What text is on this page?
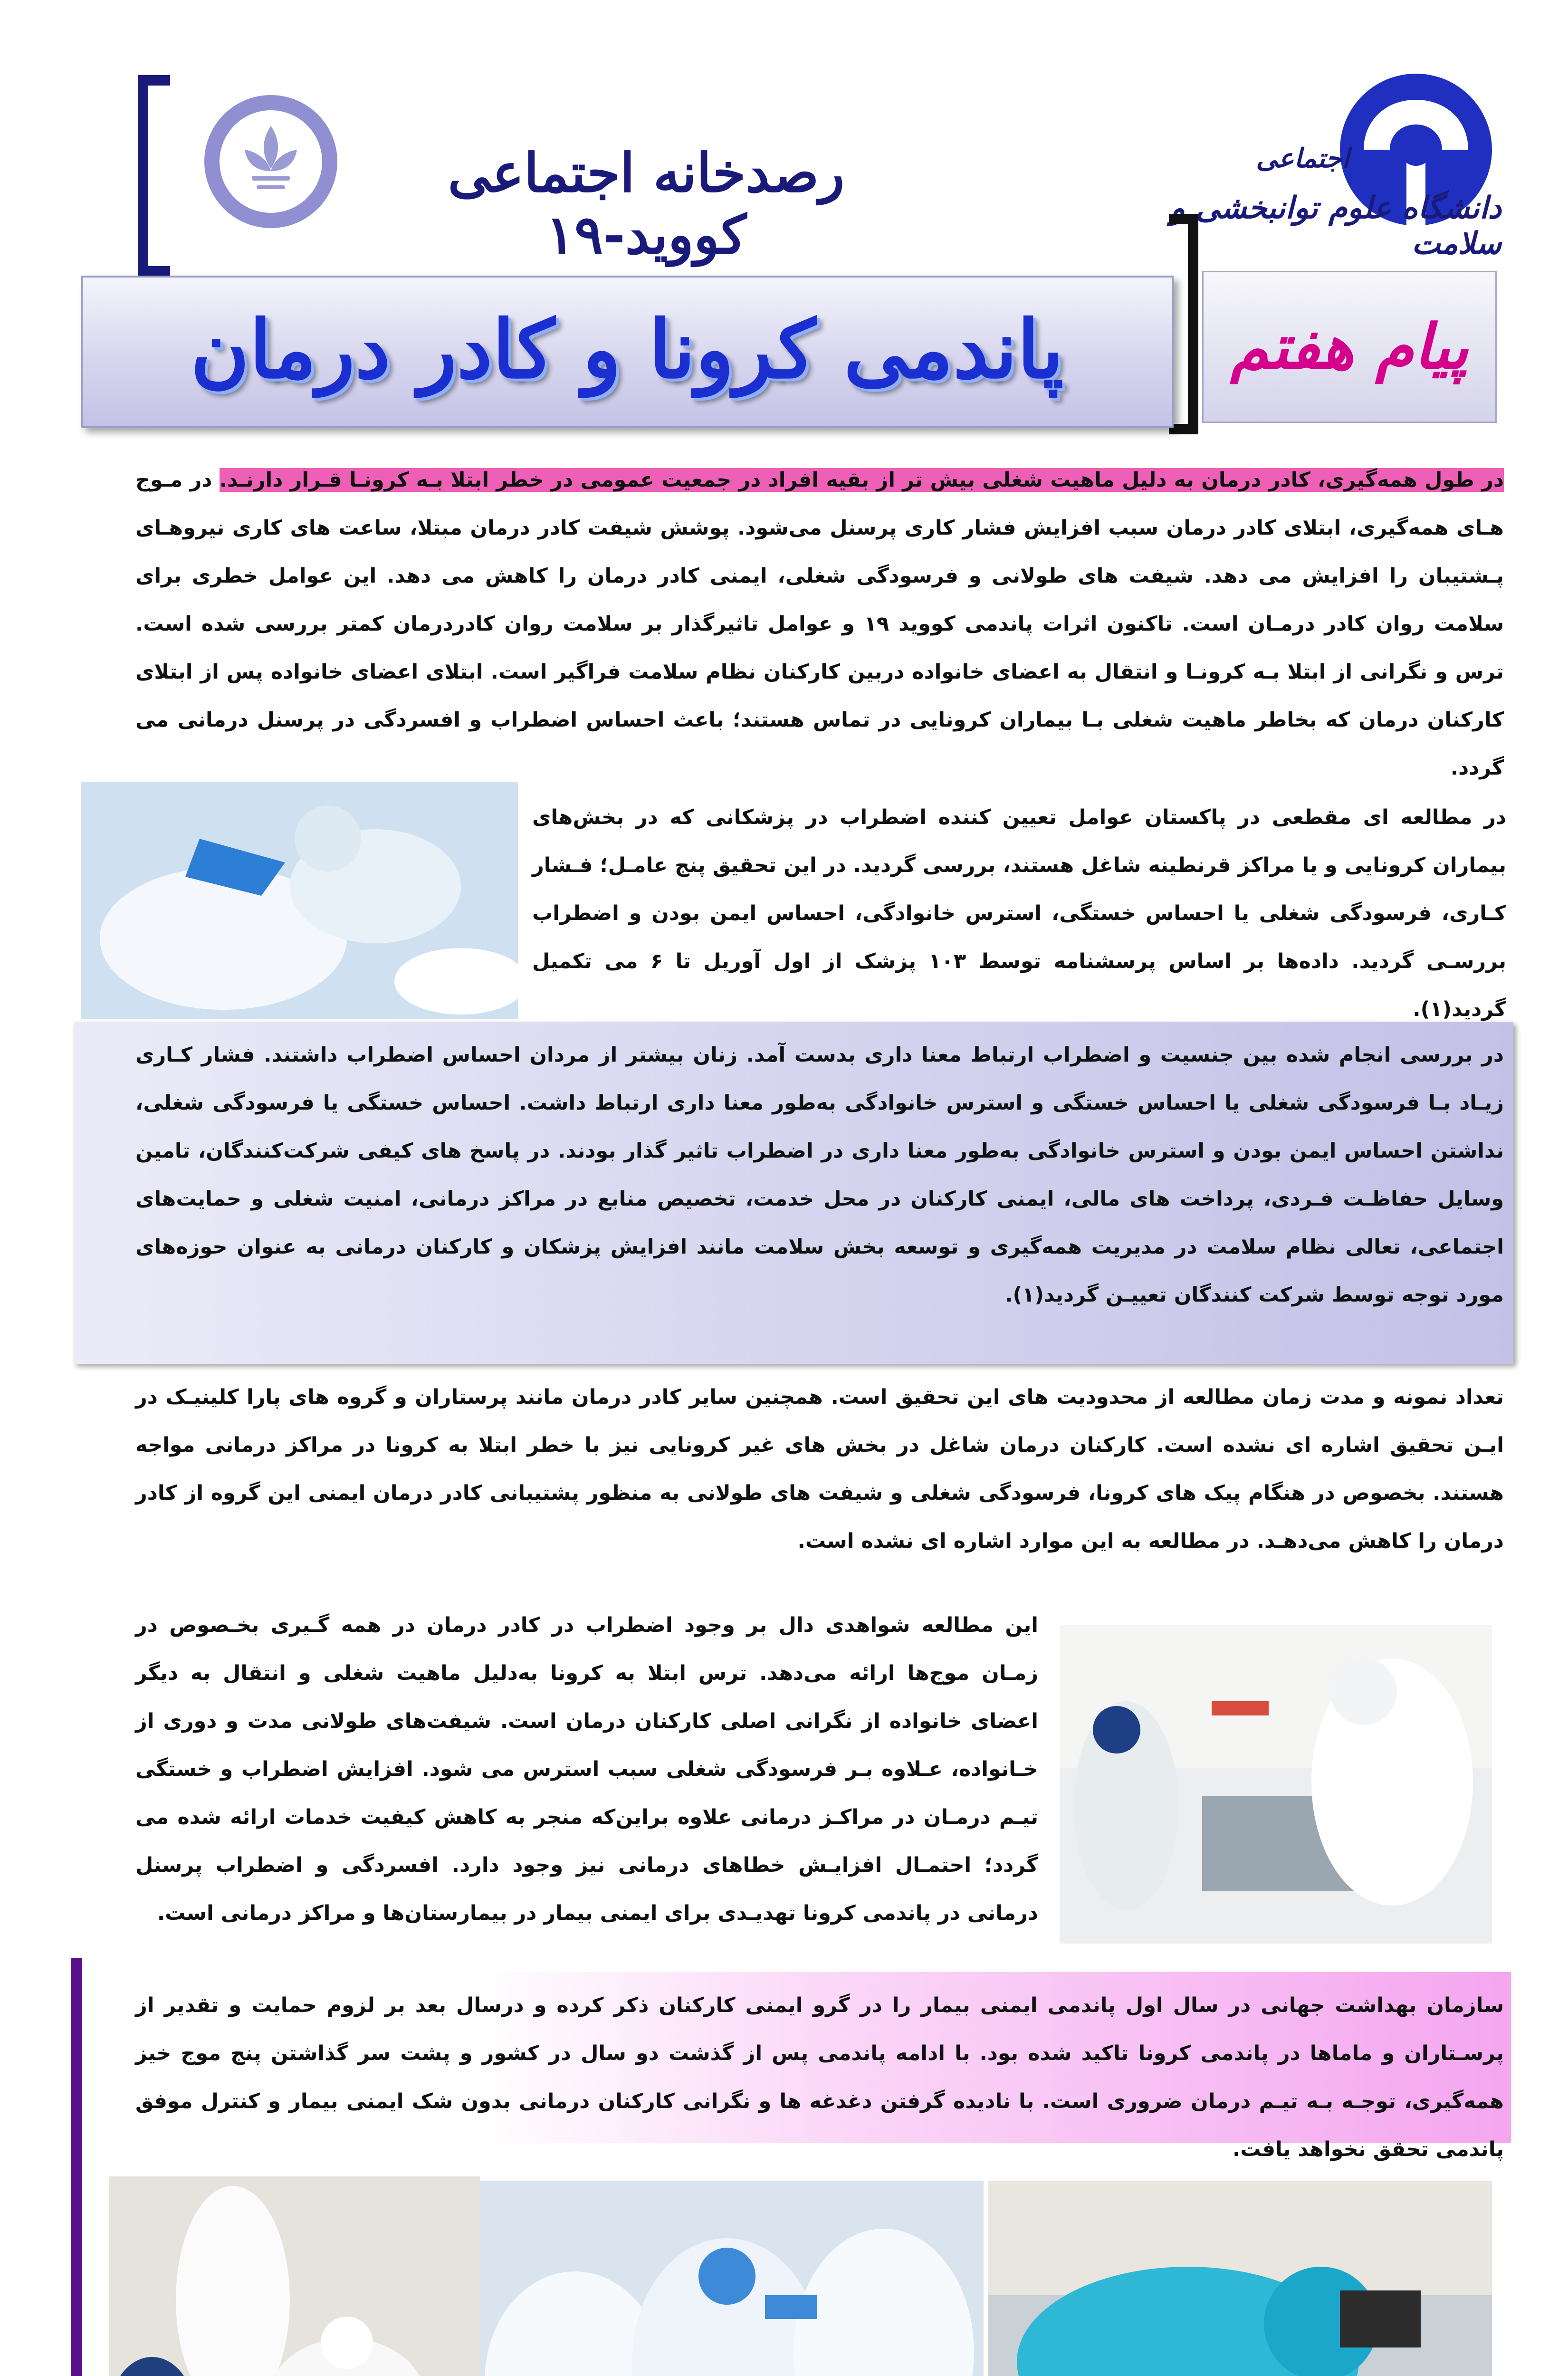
رصدخانه اجتماعی کووید-۱۹
اجتماعی
دانشگاه علوم توانبخشی و سلامت
پاندمی کرونا و کادر درمان	پیام هفتم
در طول همه‌گیری، کادر درمان به دلیل ماهیت شغلی بیش تر از بقیه افراد در جمعیت عمومی در خطر ابتلا بـه کرونـا قـرار دارنـد. در مـوج هـای همه‌گیری، ابتلای کادر درمان سبب افزایش فشار کاری پرسنل می‌شود. پوشش شیفت کادر درمان مبتلا، ساعت های کاری نیروهـای پـشتیبان را افزایش می دهد. شیفت های طولانی و فرسودگی شغلی، ایمنی کادر درمان را کاهش می دهد. این عوامل خطری برای سلامت روان کادر درمـان است. تاکنون اثرات پاندمی کووید ۱۹ و عوامل تاثیرگذار بر سلامت روان کادردرمان کمتر بررسی شده است. ترس و نگرانی از ابتلا بـه کرونـا و انتقال به اعضای خانواده دربین کارکنان نظام سلامت فراگیر است. ابتلای اعضای خانواده پس از ابتلای کارکنان درمان که بخاطر ماهیت شغلی بـا بیماران کرونایی در تماس هستند؛ باعث احساس اضطراب و افسردگی در پرسنل درمانی می گردد.
در مطالعه ای مقطعی در پاکستان عوامل تعیین کننده اضطراب در پزشکانی که در بخش‌های بیماران کرونایی و یا مراکز قرنطینه شاغل هستند، بررسی گردید. در این تحقیق پنج عامـل؛ فـشار کـاری، فرسودگی شغلی یا احساس خستگی، استرس خانوادگی، احساس ایمن بودن و اضطراب بررسـی گردید. داده‌ها بر اساس پرسشنامه توسط ۱۰۳ پزشک از اول آوریل تا ۶ می تکمیل گردید(۱).
در بررسی انجام شده بین جنسیت و اضطراب ارتباط معنا داری بدست آمد. زنان بیشتر از مردان احساس اضطراب داشتند. فشار کـاری زیـاد بـا فرسودگی شغلی یا احساس خستگی و استرس خانوادگی به‌طور معنا داری ارتباط داشت. احساس خستگی یا فرسودگی شغلی، نداشتن احساس ایمن بودن و استرس خانوادگی به‌طور معنا داری در اضطراب تاثیر گذار بودند. در پاسخ های کیفی شرکت‌کنندگان، تامین وسایل حفاظـت فـردی، پرداخت های مالی، ایمنی کارکنان در محل خدمت، تخصیص منابع در مراکز درمانی، امنیت شغلی و حمایت‌های اجتماعی، تعالی نظام سلامت در مدیریت همه‌گیری و توسعه بخش سلامت مانند افزایش پزشکان و کارکنان درمانی به عنوان حوزه‌های مورد توجه توسط شرکت کنندگان تعییـن گردید(۱).
تعداد نمونه و مدت زمان مطالعه از محدودیت های این تحقیق است. همچنین سایر کادر درمان مانند پرستاران و گروه های پارا کلینیـک در ایـن تحقیق اشاره ای نشده است. کارکنان درمان شاغل در بخش های غیر کرونایی نیز با خطر ابتلا به کرونا در مراکز درمانی مواجه هستند. بخصوص در هنگام پیک های کرونا، فرسودگی شغلی و شیفت های طولانی به منظور پشتیبانی کادر درمان ایمنی این گروه از کادر درمان را کاهش می‌دهـد. در مطالعه به این موارد اشاره ای نشده است.
این مطالعه شواهدی دال بر وجود اضطراب در کادر درمان در همه گـیری بخـصوص در زمـان موج‌ها ارائه می‌دهد. ترس ابتلا به کرونا به‌دلیل ماهیت شغلی و انتقال به دیگر اعضای خانواده از نگرانی اصلی کارکنان درمان است. شیفت‌های طولانی مدت و دوری از خـانواده، عـلاوه بـر فرسودگی شغلی سبب استرس می شود. افزایش اضطراب و خستگی تیـم درمـان در مراکـز درمانی علاوه براین‌که منجر به کاهش کیفیت خدمات ارائه شده می گردد؛ احتمـال افزایـش خطاهای درمانی نیز وجود دارد. افسردگی و اضطراب پرسنل درمانی در پاندمی کرونا تهدیـدی برای ایمنی بیمار در بیمارستان‌ها و مراکز درمانی است.
سازمان بهداشت جهانی در سال اول پاندمی ایمنی بیمار را در گرو ایمنی کارکنان ذکر کرده و درسال بعد بر لزوم حمایت و تقدیر از پرسـتاران و ماماها در پاندمی کرونا تاکید شده بود. با ادامه پاندمی پس از گذشت دو سال در کشور و پشت سر گذاشتن پنج موج خیز همه‌گیری، توجـه بـه تیـم درمان ضروری است. با نادیده گرفتن دغدغه ها و نگرانی کارکنان درمانی بدون شک ایمنی بیمار و کنترل موفق پاندمی تحقق نخواهد یافت.
